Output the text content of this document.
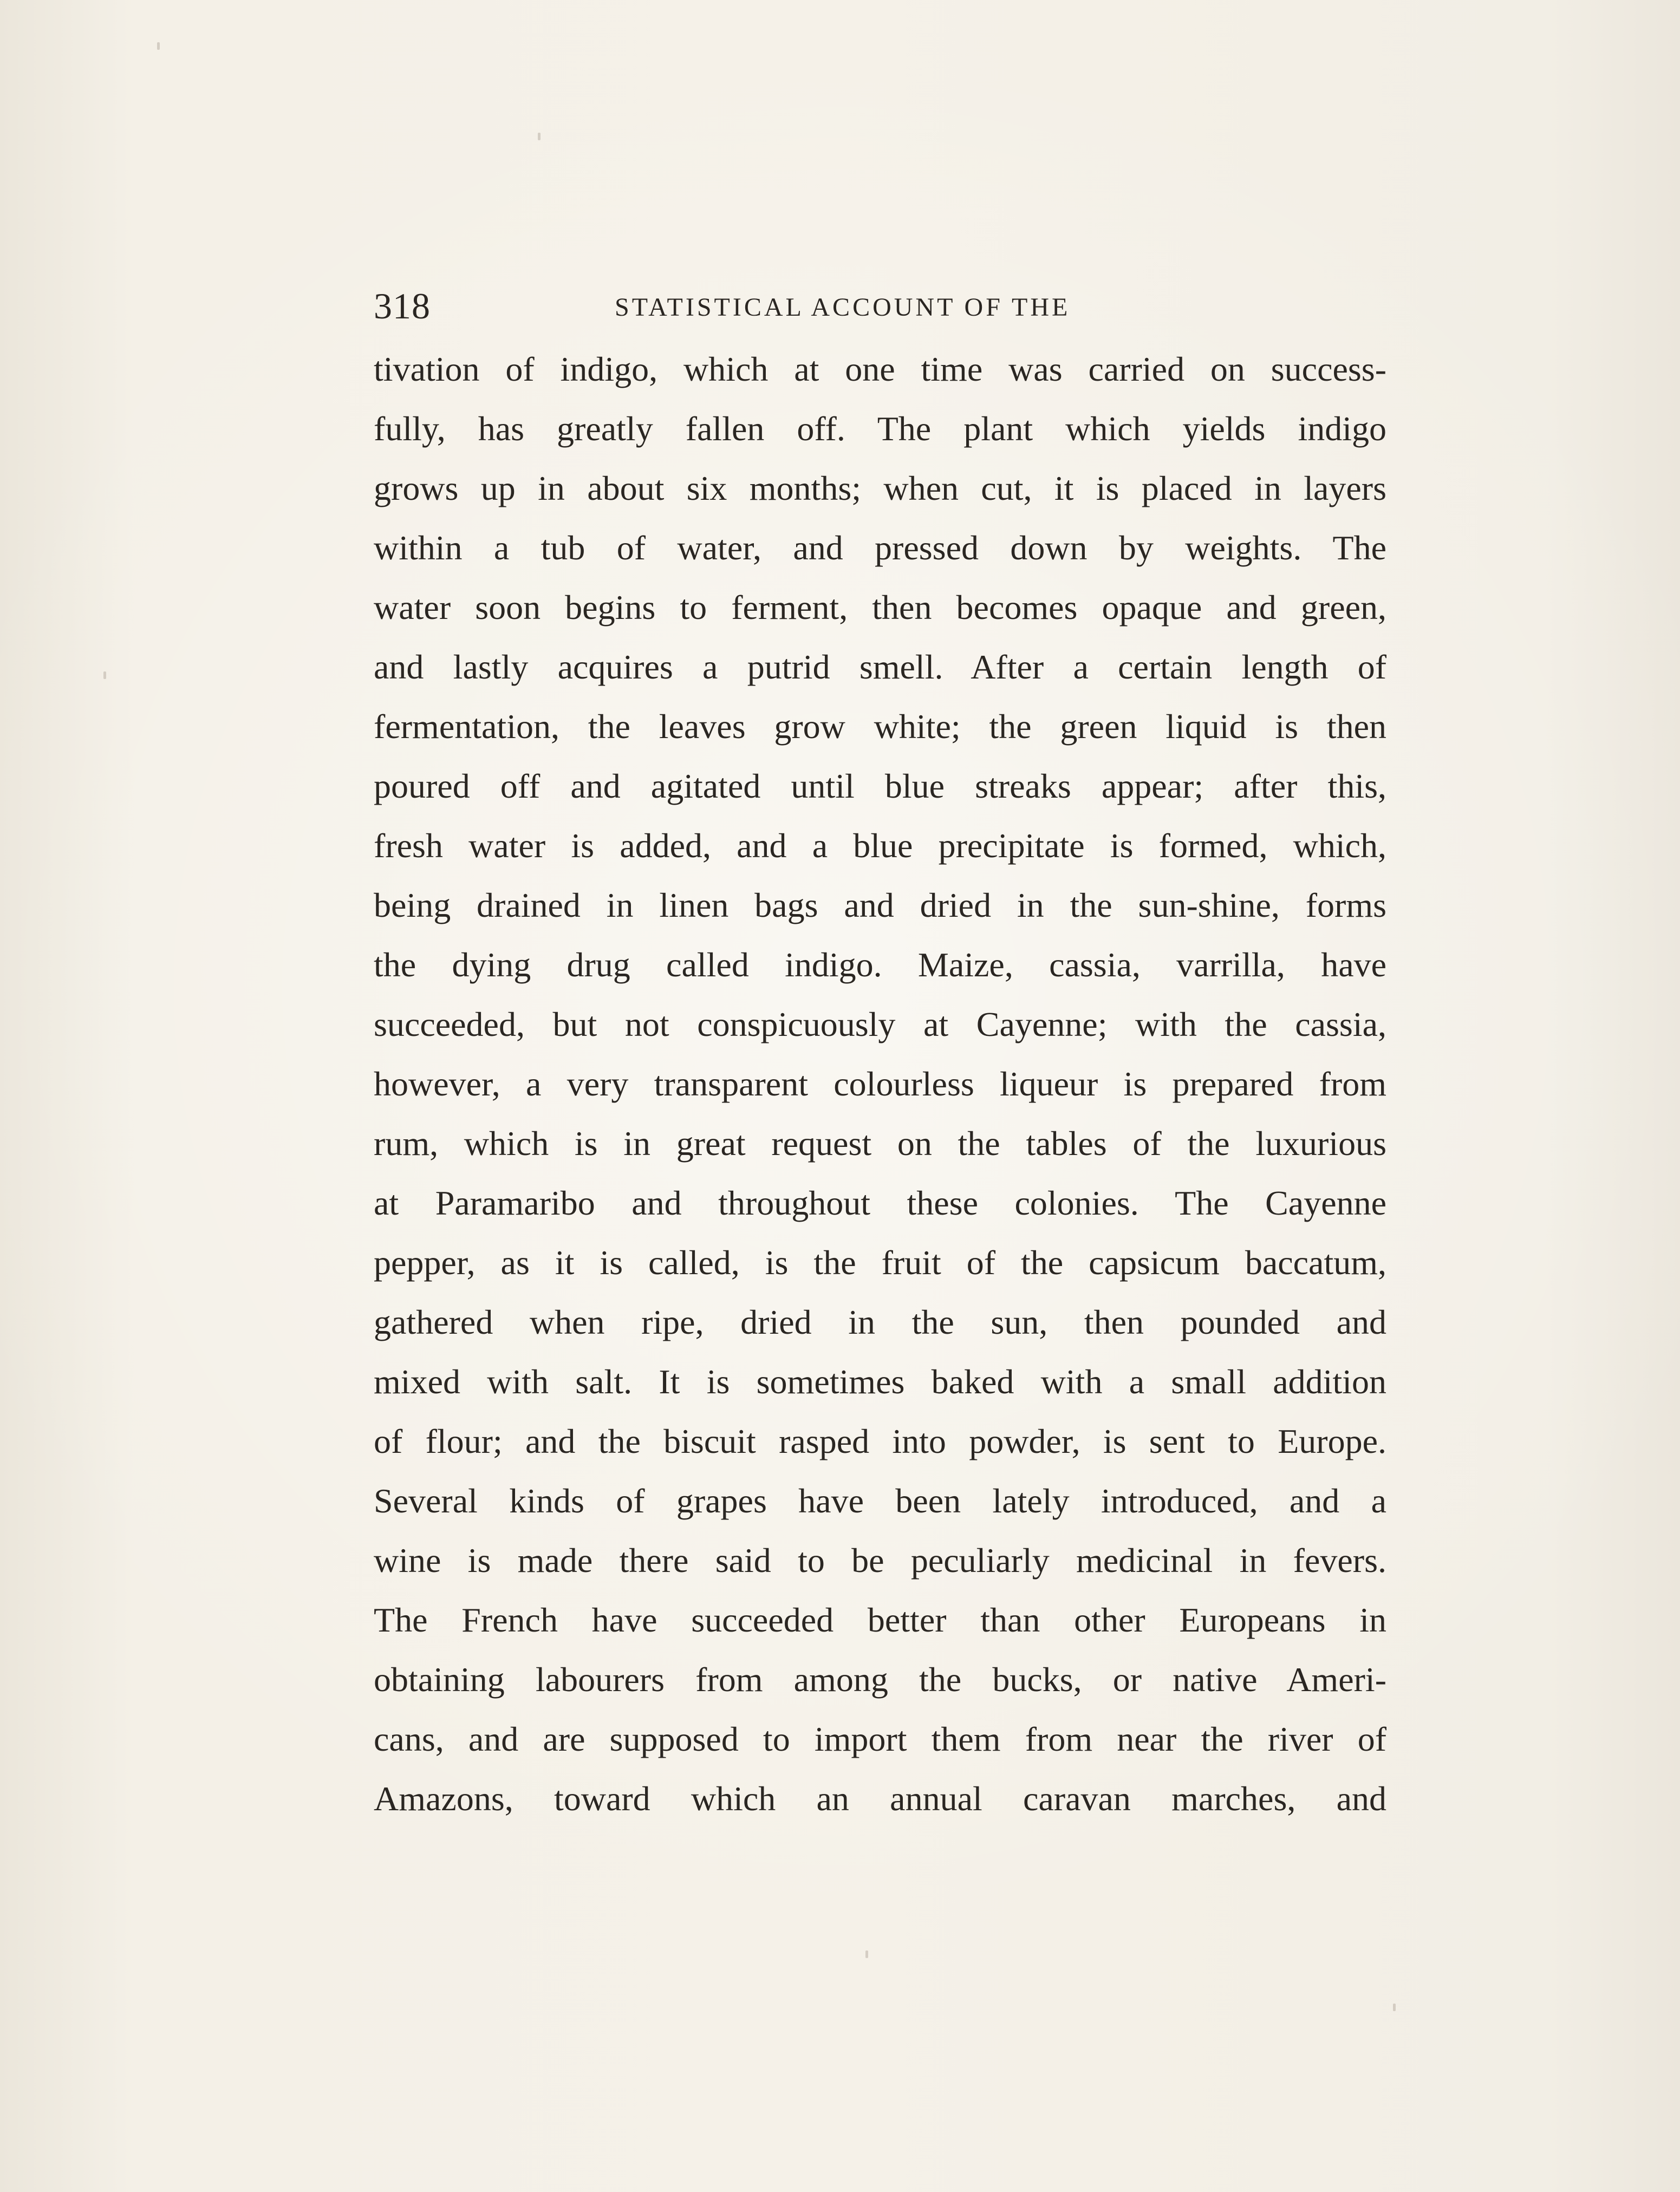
318	STATISTICAL ACCOUNT OF THE
tivation of indigo, which at one time was carried on success-
fully, has greatly fallen off. The plant which yields indigo
grows up in about six months; when cut, it is placed in layers
within a tub of water, and pressed down by weights. The
water soon begins to ferment, then becomes opaque and green,
and lastly acquires a putrid smell. After a certain length of
fermentation, the leaves grow white; the green liquid is then
poured off and agitated until blue streaks appear; after this,
fresh water is added, and a blue precipitate is formed, which,
being drained in linen bags and dried in the sun-shine, forms
the dying drug called indigo. Maize, cassia, varrilla, have
succeeded, but not conspicuously at Cayenne; with the cassia,
however, a very transparent colourless liqueur is prepared from
rum, which is in great request on the tables of the luxurious
at Paramaribo and throughout these colonies. The Cayenne
pepper, as it is called, is the fruit of the capsicum baccatum,
gathered when ripe, dried in the sun, then pounded and
mixed with salt. It is sometimes baked with a small addition
of flour; and the biscuit rasped into powder, is sent to Europe.
Several kinds of grapes have been lately introduced, and a
wine is made there said to be peculiarly medicinal in fevers.
The French have succeeded better than other Europeans in
obtaining labourers from among the bucks, or native Ameri-
cans, and are supposed to import them from near the river of
Amazons, toward which an annual caravan marches, and
